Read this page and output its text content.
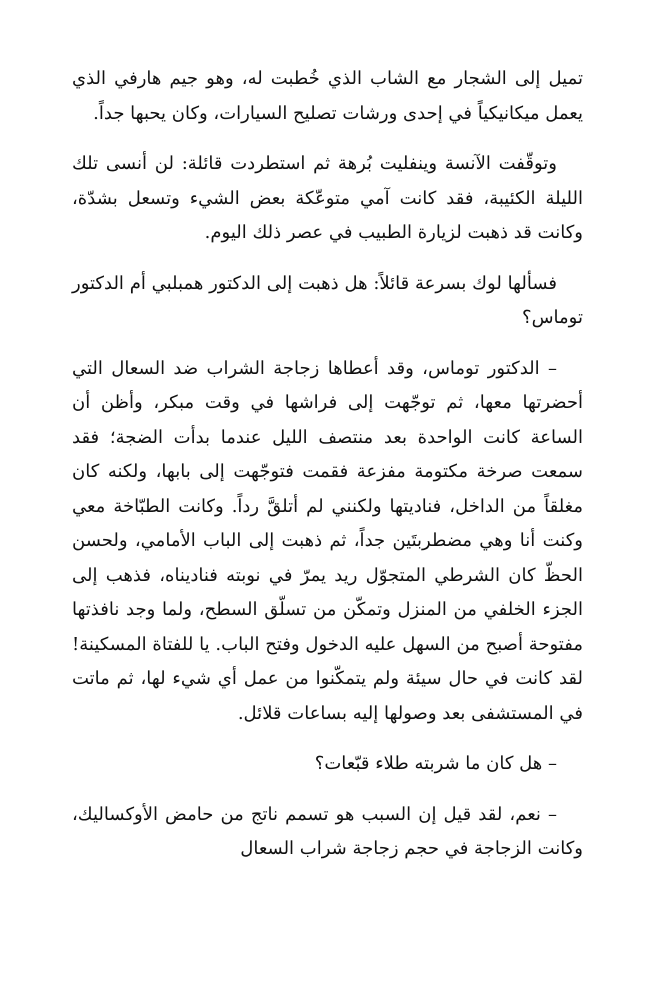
تميل إلى الشجار مع الشاب الذي خُطبت له، وهو جيم هارفي الذي يعمل ميكانيكياً في إحدى ورشات تصليح السيارات، وكان يحبها جداً.

وتوقّفت الآنسة وينفليت بُرهة ثم استطردت قائلة: لن أنسى تلك الليلة الكئيبة، فقد كانت آمي متوعّكة بعض الشيء وتسعل بشدّة، وكانت قد ذهبت لزيارة الطبيب في عصر ذلك اليوم.

فسألها لوك بسرعة قائلاً: هل ذهبت إلى الدكتور همبلبي أم الدكتور توماس؟

– الدكتور توماس، وقد أعطاها زجاجة الشراب ضد السعال التي أحضرتها معها، ثم توجّهت إلى فراشها في وقت مبكر، وأظن أن الساعة كانت الواحدة بعد منتصف الليل عندما بدأت الضجة؛ فقد سمعت صرخة مكتومة مفزعة فقمت فتوجّهت إلى بابها، ولكنه كان مغلقاً من الداخل، فناديتها ولكنني لم أتلقَّ رداً. وكانت الطبّاخة معي وكنت أنا وهي مضطربتَين جداً، ثم ذهبت إلى الباب الأمامي، ولحسن الحظّ كان الشرطي المتجوّل ريد يمرّ في نوبته فناديناه، فذهب إلى الجزء الخلفي من المنزل وتمكّن من تسلّق السطح، ولما وجد نافذتها مفتوحة أصبح من السهل عليه الدخول وفتح الباب. يا للفتاة المسكينة! لقد كانت في حال سيئة ولم يتمكّنوا من عمل أي شيء لها، ثم ماتت في المستشفى بعد وصولها إليه بساعات قلائل.

– هل كان ما شربته طلاء قبّعات؟

– نعم، لقد قيل إن السبب هو تسمم ناتج من حامض الأوكساليك، وكانت الزجاجة في حجم زجاجة شراب السعال
